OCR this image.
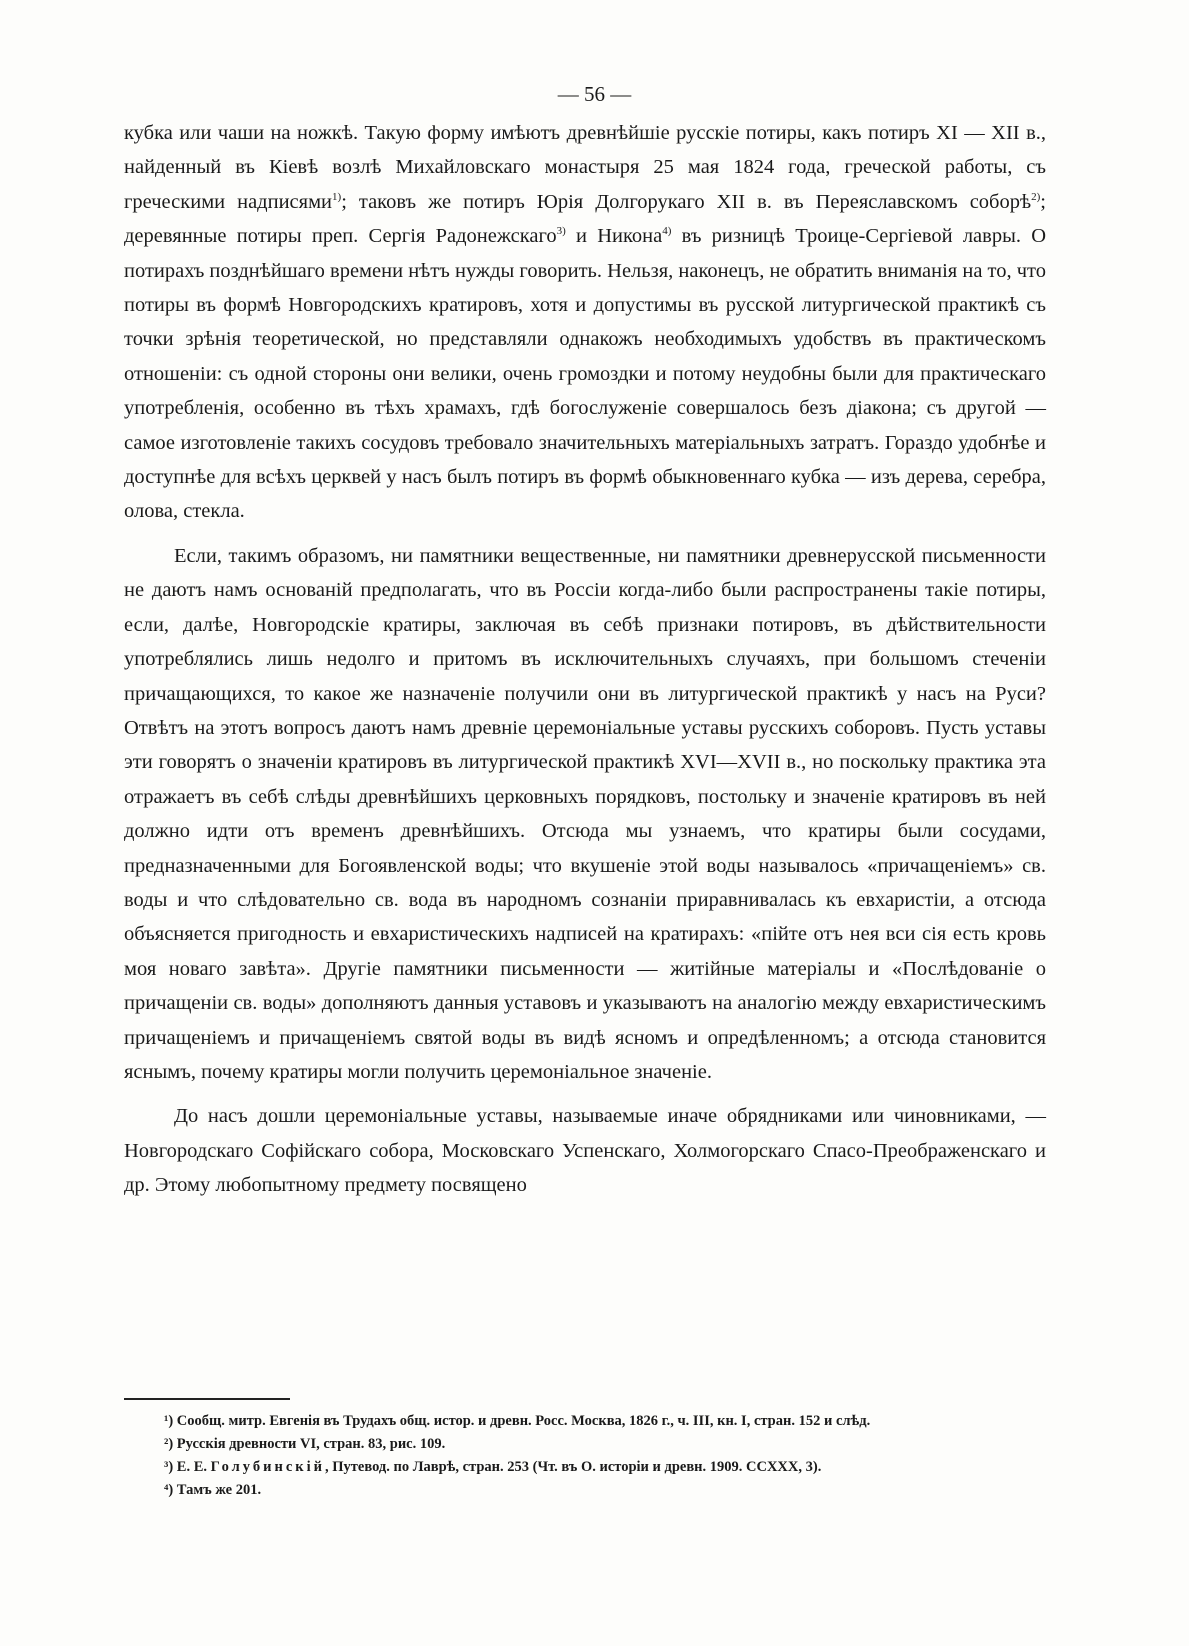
— 56 —

кубка или чаши на ножкѣ. Такую форму имѣютъ древнѣйшiе русскiе потиры, какъ потиръ XI — XII в., найденный въ Кiевѣ возлѣ Михайловскаго монастыря 25 мая 1824 года, греческой работы, съ греческими надписями$^{1)}$; таковъ же потиръ Юрiя Долгорукаго XII в. въ Переяславскомъ соборѣ$^{2)}$; деревянные потиры преп. Сергiя Радонежскаго$^{3)}$ и Никона$^{4)}$ въ ризницѣ Троице-Сергiевой лавры. О потирахъ позднѣйшаго времени нѣтъ нужды говорить. Нельзя, наконецъ, не обратить вниманiя на то, что потиры въ формѣ Новгородскихъ кратировъ, хотя и допустимы въ русской литургической практикѣ съ точки зрѣнiя теоретической, но представляли однакожъ необходимыхъ удобствъ въ практическомъ отношенiи: съ одной стороны они велики, очень громоздки и потому неудобны были для практическаго употребленiя, особенно въ тѣхъ храмахъ, гдѣ богослуженiе совершалось безъ дiакона; съ другой — самое изготовленiе такихъ сосудовъ требовало значительныхъ матерiальныхъ затратъ. Гораздо удобнѣе и доступнѣе для всѣхъ церквей у насъ былъ потиръ въ формѣ обыкновеннаго кубка — изъ дерева, серебра, олова, стекла.

Если, такимъ образомъ, ни памятники вещественные, ни памятники древнерусской письменности не даютъ намъ основанiй предполагать, что въ Россiи когда-либо были распространены такiе потиры, если, далѣе, Новгородскiе кратиры, заключая въ себѣ признаки потировъ, въ дѣйствительности употреблялись лишь недолго и притомъ въ исключительныхъ случаяхъ, при большомъ стеченiи причащающихся, то какое же назначенiе получили они въ литургической практикѣ у насъ на Руси? Отвѣтъ на этотъ вопросъ даютъ намъ древнiе церемонiальные уставы русскихъ соборовъ. Пусть уставы эти говорятъ о значенiи кратировъ въ литургической практикѣ XVI—XVII в., но поскольку практика эта отражаетъ въ себѣ слѣды древнѣйшихъ церковныхъ порядковъ, постольку и значенiе кратировъ въ ней должно идти отъ временъ древнѣйшихъ. Отсюда мы узнаемъ, что кратиры были сосудами, предназначенными для Богоявленской воды; что вкушенiе этой воды называлось «причащенiемъ» св. воды и что слѣдовательно св. вода въ народномъ сознанiи приравнивалась къ евхаристiи, а отсюда объясняется пригодность и евхаристическихъ надписей на кратирахъ: «пiйте отъ нея вси сiя есть кровь моя новаго завѣта». Другiе памятники письменности — житiйные матерiалы и «Послѣдованiе о причащенiи св. воды» дополняютъ данныя уставовъ и указываютъ на аналогiю между евхаристическимъ причащенiемъ и причащенiемъ святой воды въ видѣ ясномъ и опредѣленномъ; а отсюда становится яснымъ, почему кратиры могли получить церемонiальное значенiе.

До насъ дошли церемонiальные уставы, называемые иначе обрядниками или чиновниками, — Новгородскаго Софiйскаго собора, Московскаго Успенскаго, Холмогорскаго Спасо-Преображенскаго и др. Этому любопытному предмету посвящено

¹) Сообщ. митр. Евгенiя въ Трудахъ общ. истор. и древн. Росс. Москва, 1826 г., ч. III, кн. I, стран. 152 и слѣд.

²) Русскiя древности VI, стран. 83, рис. 109.

³) Е. Е. Голубинскiй, Путевод. по Лаврѣ, стран. 253 (Чт. въ О. исторiи и древн. 1909. CCXXX, 3).

⁴) Тамъ же 201.
